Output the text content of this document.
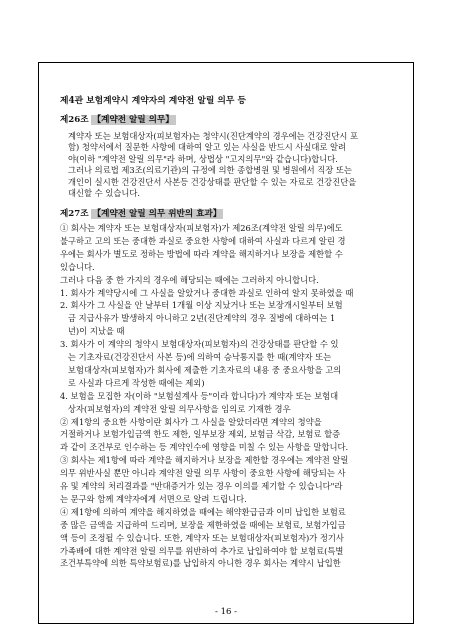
제4관 보험계약시 계약자의 계약전 알릴 의무 등
제26조 【계약전 알릴 의무】
계약자 또는 보험대상자(피보험자)는 청약시(진단계약의 경우에는 건강진단시 포
함) 청약서에서 질문한 사항에 대하여 알고 있는 사실을 반드시 사실대로 알려
야(이하 "계약전 알릴 의무"라 하며, 상법상 "고지의무"와 같습니다)합니다.
그러나 의료법 제3조(의료기관)의 규정에 의한 종합병원 및 병원에서 직장 또는
개인이 실시한 건강진단서 사본등 건강상태를 판단할 수 있는 자료로 건강진단을
대신할 수 있습니다.
제27조 【계약전 알릴 의무 위반의 효과】
① 회사는 계약자 또는 보험대상자(피보험자)가 제26조(계약전 알릴 의무)에도
불구하고 고의 또는 중대한 과실로 중요한 사항에 대하여 사실과 다르게 알린 경
우에는 회사가 별도로 정하는 방법에 따라 계약을 해지하거나 보장을 제한할 수
있습니다.
그러나 다음 중 한 가지의 경우에 해당되는 때에는 그러하지 아니합니다.
1. 회사가 계약당시에 그 사실을 알았거나 중대한 과실로 인하여 알지 못하였을 때
2. 회사가 그 사실을 안 날부터 1개월 이상 지났거나 또는 보장개시일부터 보험
금 지급사유가 발생하지 아니하고 2년(진단계약의 경우 질병에 대하여는 1
년)이 지났을 때
3. 회사가 이 계약의 청약시 보험대상자(피보험자)의 건강상태를 판단할 수 있
는 기초자료(건강진단서 사본 등)에 의하여 승낙통지를 한 때(계약자 또는
보험대상자(피보험자)가 회사에 제출한 기초자료의 내용 중 중요사항을 고의
로 사실과 다르게 작성한 때에는 제외)
4. 보험을 모집한 자(이하 "보험설계사 등"이라 합니다)가 계약자 또는 보험대
상자(피보험자)의 계약전 알릴 의무사항을 임의로 기재한 경우
② 제1항의 중요한 사항이란 회사가 그 사실을 알았더라면 계약의 청약을
거절하거나 보험가입금액 한도 제한, 일부보장 제외, 보험금 삭감, 보험료 할증
과 같이 조건부로 인수하는 등 계약인수에 영향을 미칠 수 있는 사항을 말합니다.
③ 회사는 제1항에 따라 계약을 해지하거나 보장을 제한할 경우에는 계약전 알릴
의무 위반사실 뿐만 아니라 계약전 알릴 의무 사항이 중요한 사항에 해당되는 사
유 및 계약의 처리결과를 "반대증거가 있는 경우 이의를 제기할 수 있습니다"라
는 문구와 함께 계약자에게 서면으로 알려 드립니다.
④ 제1항에 의하여 계약을 해지하였을 때에는 해약환급금과 이미 납입한 보험료
중 많은 금액을 지급하여 드리며, 보장을 제한하였을 때에는 보험료, 보험가입금
액 등이 조정될 수 있습니다. 또한, 계약자 또는 보험대상자(피보험자)가 정기사
가족배에 대한 계약전 알릴 의무를 위반하여 추가로 납입하여야 할 보험료(특별
조건부특약에 의한 특약보험료)를 납입하지 아니한 경우 회사는 계약시 납입한
- 16 -
